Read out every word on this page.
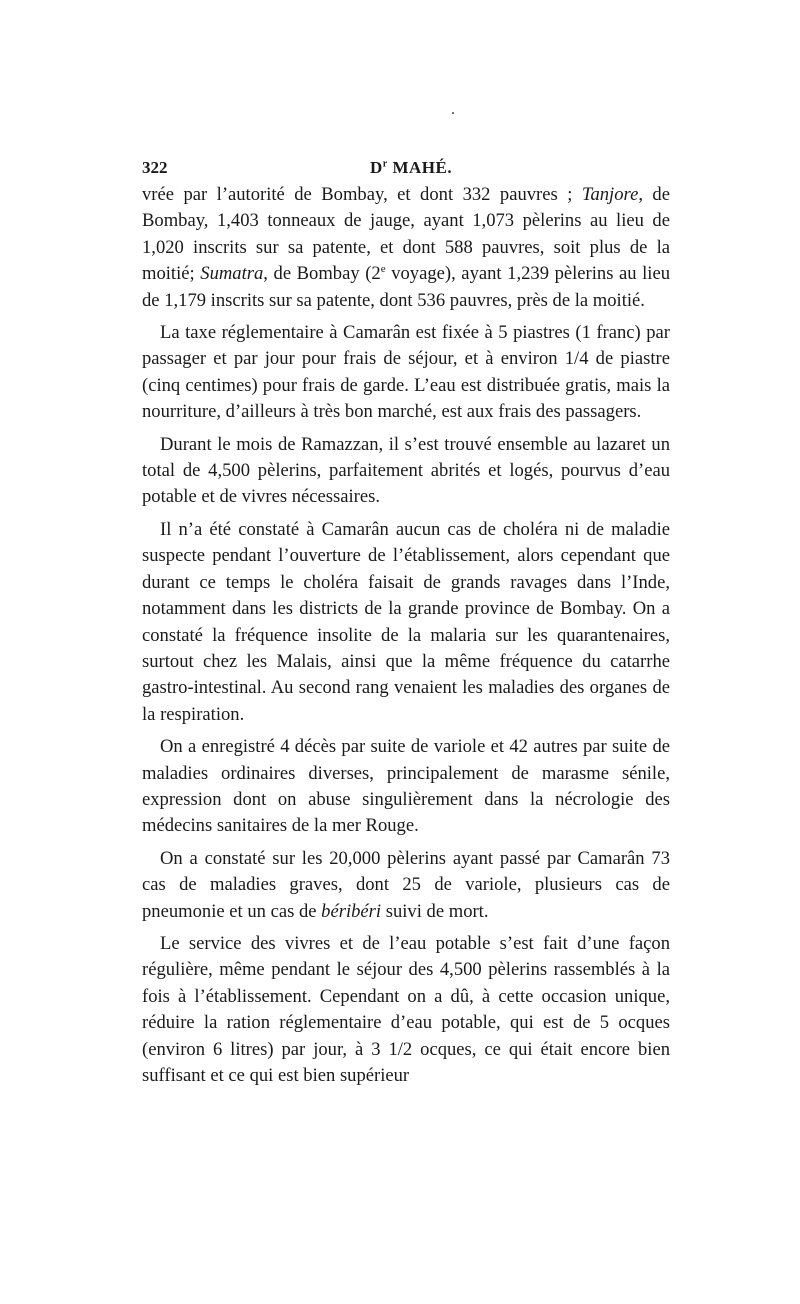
322	$D^r$ MAHÉ.

vrée par l’autorité de Bombay, et dont 332 pauvres ; Tanjore, de Bombay, 1,403 tonneaux de jauge, ayant 1,073 pèlerins au lieu de 1,020 inscrits sur sa patente, et dont 588 pauvres, soit plus de la moitié; Sumatra, de Bombay (2e voyage), ayant 1,239 pèlerins au lieu de 1,179 inscrits sur sa patente, dont 536 pauvres, près de la moitié.

La taxe réglementaire à Camarân est fixée à 5 piastres (1 franc) par passager et par jour pour frais de séjour, et à environ 1/4 de piastre (cinq centimes) pour frais de garde. L’eau est distribuée gratis, mais la nourriture, d’ailleurs à très bon marché, est aux frais des passagers.

Durant le mois de Ramazzan, il s’est trouvé ensemble au lazaret un total de 4,500 pèlerins, parfaitement abrités et logés, pourvus d’eau potable et de vivres nécessaires.

Il n’a été constaté à Camarân aucun cas de choléra ni de maladie suspecte pendant l’ouverture de l’établissement, alors cependant que durant ce temps le choléra faisait de grands ravages dans l’Inde, notamment dans les districts de la grande province de Bombay. On a constaté la fréquence insolite de la malaria sur les quarantenaires, surtout chez les Malais, ainsi que la même fréquence du catarrhe gastro-intestinal. Au second rang venaient les maladies des organes de la respiration.

On a enregistré 4 décès par suite de variole et 42 autres par suite de maladies ordinaires diverses, principalement de marasme sénile, expression dont on abuse singulièrement dans la nécrologie des médecins sanitaires de la mer Rouge.

On a constaté sur les 20,000 pèlerins ayant passé par Camarân 73 cas de maladies graves, dont 25 de variole, plusieurs cas de pneumonie et un cas de béribéri suivi de mort.

Le service des vivres et de l’eau potable s’est fait d’une façon régulière, même pendant le séjour des 4,500 pèlerins rassemblés à la fois à l’établissement. Cependant on a dû, à cette occasion unique, réduire la ration réglementaire d’eau potable, qui est de 5 ocques (environ 6 litres) par jour, à 3 1/2 ocques, ce qui était encore bien suffisant et ce qui est bien supérieur
